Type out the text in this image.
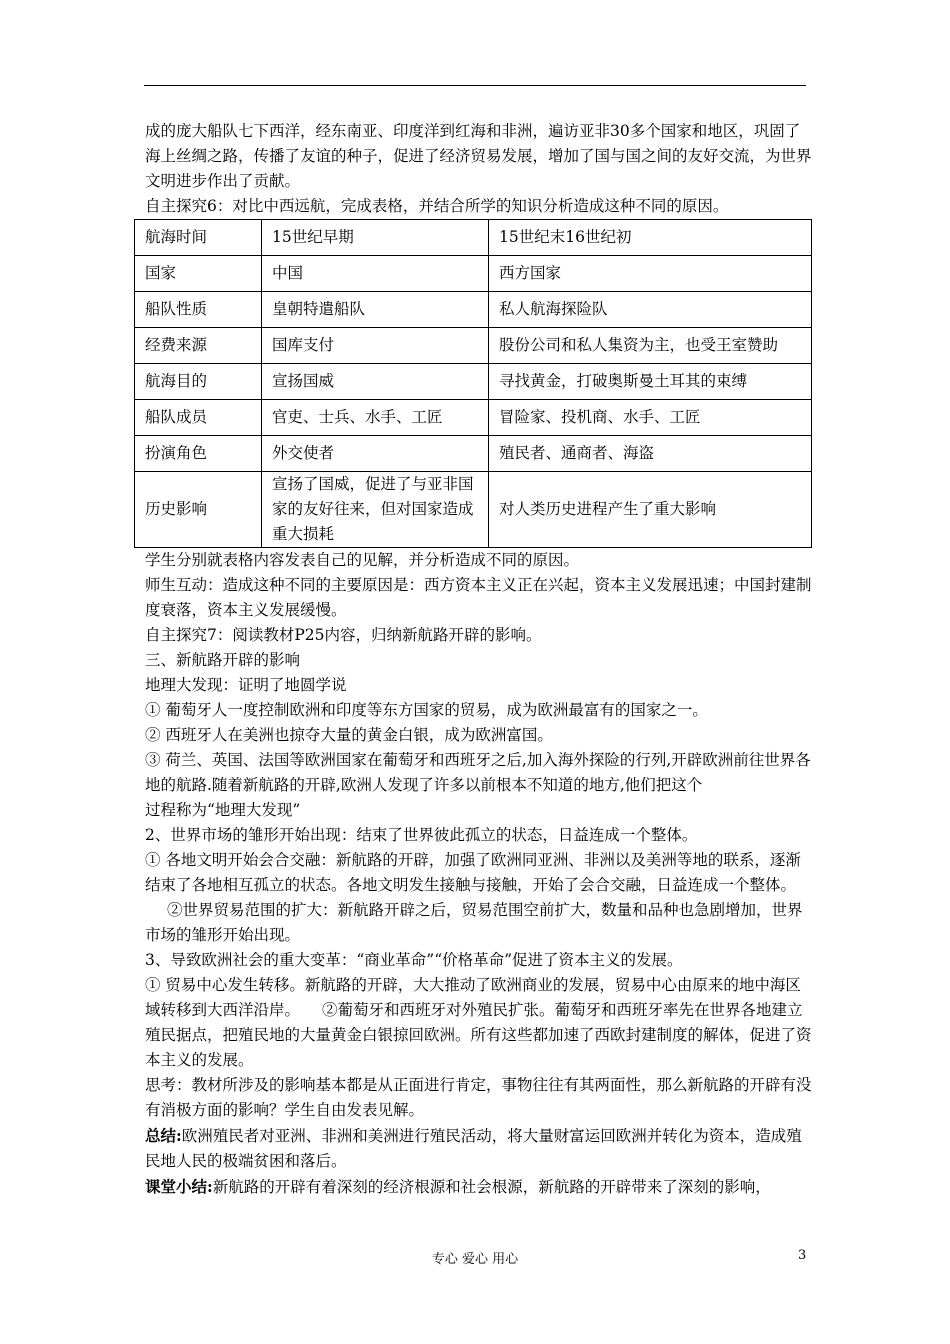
成的庞大船队七下西洋，经东南亚、印度洋到红海和非洲，遍访亚非30多个国家和地区，巩固了海上丝绸之路，传播了友谊的种子，促进了经济贸易发展，增加了国与国之间的友好交流，为世界文明进步作出了贡献。

自主探究6：对比中西远航，完成表格，并结合所学的知识分析造成这种不同的原因。

航海时间	15世纪早期	15世纪末16世纪初
国家	中国	西方国家
船队性质	皇朝特遣船队	私人航海探险队
经费来源	国库支付	股份公司和私人集资为主，也受王室赞助
航海目的	宣扬国威	寻找黄金，打破奥斯曼土耳其的束缚
船队成员	官吏、士兵、水手、工匠	冒险家、投机商、水手、工匠
扮演角色	外交使者	殖民者、通商者、海盗
历史影响	宣扬了国威，促进了与亚非国家的友好往来，但对国家造成重大损耗	对人类历史进程产生了重大影响

学生分别就表格内容发表自己的见解，并分析造成不同的原因。

师生互动：造成这种不同的主要原因是：西方资本主义正在兴起，资本主义发展迅速；中国封建制度衰落，资本主义发展缓慢。

自主探究7：阅读教材P25内容，归纳新航路开辟的影响。

三、新航路开辟的影响

地理大发现：证明了地圆学说

① 葡萄牙人一度控制欧洲和印度等东方国家的贸易，成为欧洲最富有的国家之一。

② 西班牙人在美洲也掠夺大量的黄金白银，成为欧洲富国。

③ 荷兰、英国、法国等欧洲国家在葡萄牙和西班牙之后,加入海外探险的行列,开辟欧洲前往世界各地的航路.随着新航路的开辟,欧洲人发现了许多以前根本不知道的地方,他们把这个

过程称为“地理大发现”

2、世界市场的雏形开始出现：结束了世界彼此孤立的状态，日益连成一个整体。

① 各地文明开始会合交融：新航路的开辟，加强了欧洲同亚洲、非洲以及美洲等地的联系，逐渐结束了各地相互孤立的状态。各地文明发生接触与接触，开始了会合交融，日益连成一个整体。②世界贸易范围的扩大：新航路开辟之后，贸易范围空前扩大，数量和品种也急剧增加，世界市场的雏形开始出现。

3、导致欧洲社会的重大变革：“商业革命”“价格革命”促进了资本主义的发展。

① 贸易中心发生转移。新航路的开辟，大大推动了欧洲商业的发展，贸易中心由原来的地中海区域转移到大西洋沿岸。 ②葡萄牙和西班牙对外殖民扩张。葡萄牙和西班牙率先在世界各地建立殖民据点，把殖民地的大量黄金白银掠回欧洲。所有这些都加速了西欧封建制度的解体，促进了资本主义的发展。

思考：教材所涉及的影响基本都是从正面进行肯定，事物往往有其两面性，那么新航路的开辟有没有消极方面的影响？学生自由发表见解。

总结:欧洲殖民者对亚洲、非洲和美洲进行殖民活动，将大量财富运回欧洲并转化为资本，造成殖民地人民的极端贫困和落后。

课堂小结:新航路的开辟有着深刻的经济根源和社会根源，新航路的开辟带来了深刻的影响，

专心 爱心 用心	3
